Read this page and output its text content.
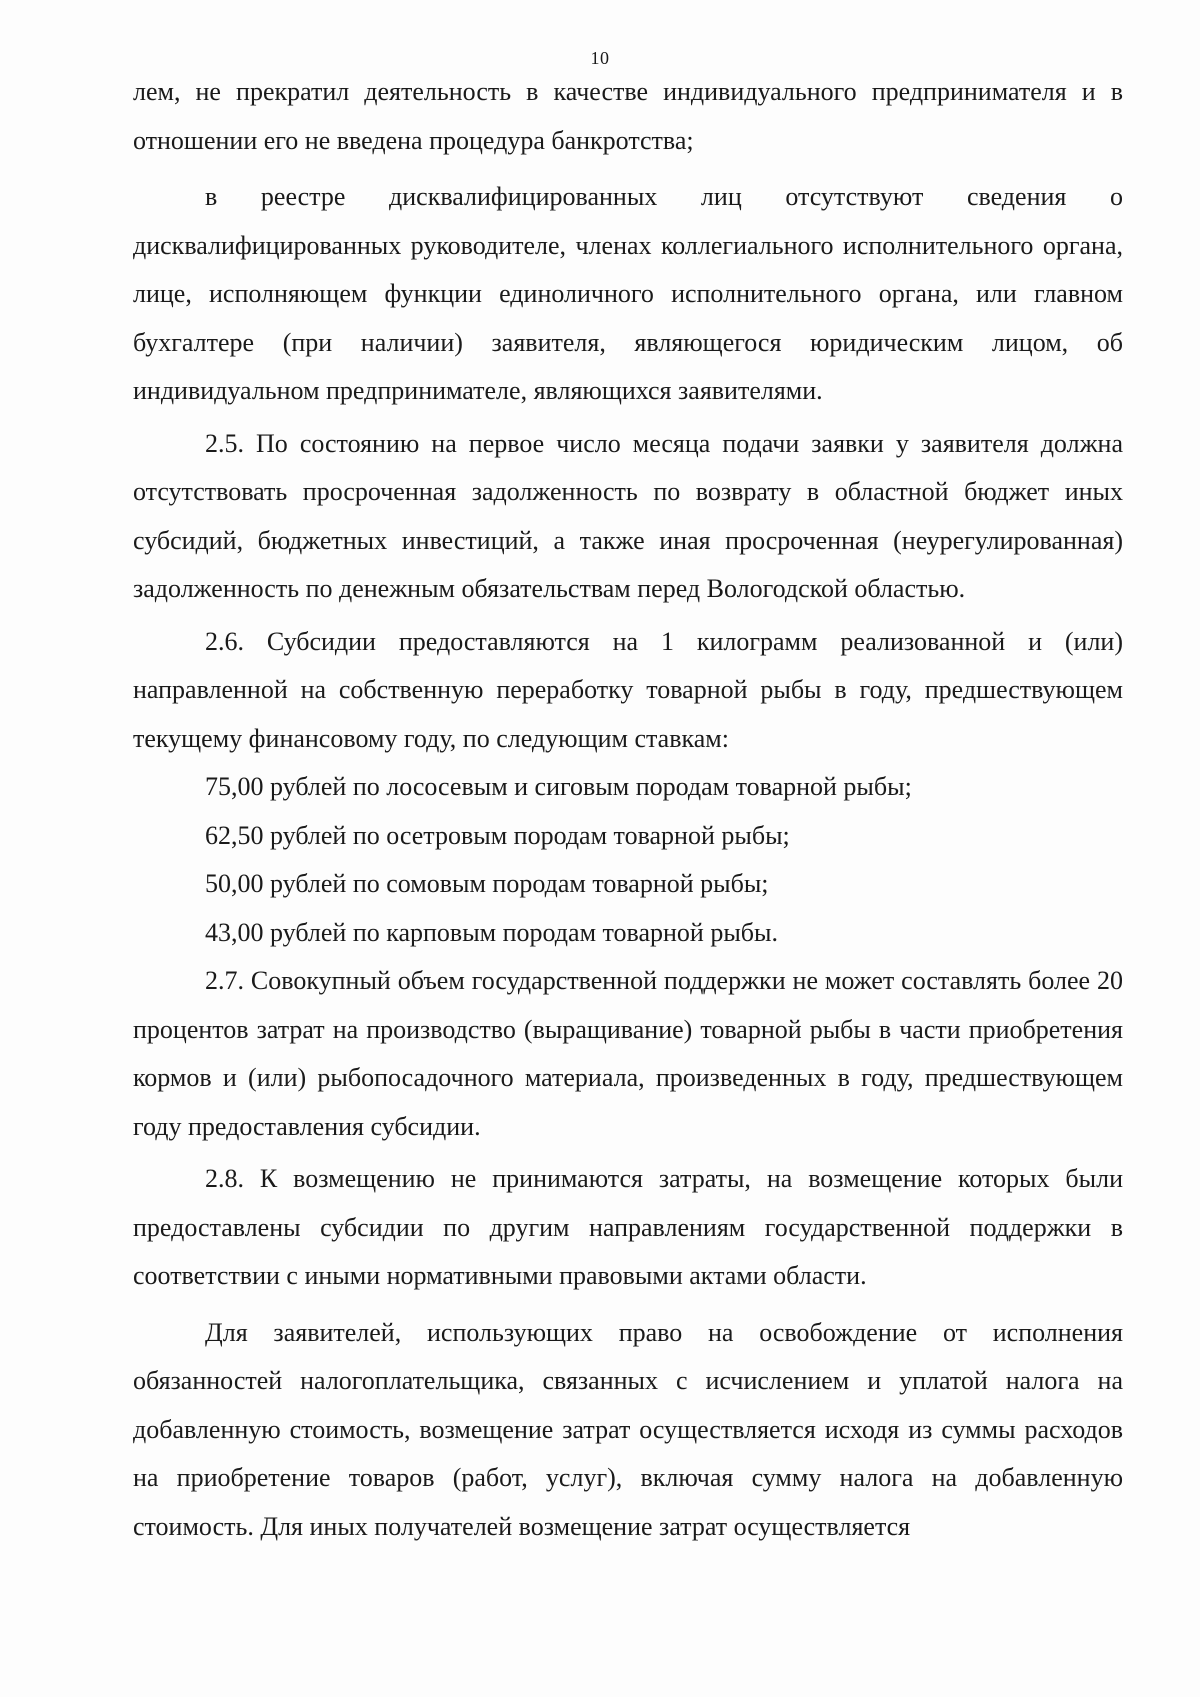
10

лем, не прекратил деятельность в качестве индивидуального предпринимателя и в отношении его не введена процедура банкротства;

в реестре дисквалифицированных лиц отсутствуют сведения о дисквалифицированных руководителе, членах коллегиального исполнительного органа, лице, исполняющем функции единоличного исполнительного органа, или главном бухгалтере (при наличии) заявителя, являющегося юридическим лицом, об индивидуальном предпринимателе, являющихся заявителями.

2.5. По состоянию на первое число месяца подачи заявки у заявителя должна отсутствовать просроченная задолженность по возврату в областной бюджет иных субсидий, бюджетных инвестиций, а также иная просроченная (неурегулированная) задолженность по денежным обязательствам перед Вологодской областью.

2.6. Субсидии предоставляются на 1 килограмм реализованной и (или) направленной на собственную переработку товарной рыбы в году, предшествующем текущему финансовому году, по следующим ставкам:

75,00 рублей по лососевым и сиговым породам товарной рыбы;

62,50 рублей по осетровым породам товарной рыбы;

50,00 рублей по сомовым породам товарной рыбы;

43,00 рублей по карповым породам товарной рыбы.

2.7. Совокупный объем государственной поддержки не может составлять более 20 процентов затрат на производство (выращивание) товарной рыбы в части приобретения кормов и (или) рыбопосадочного материала, произведенных в году, предшествующем году предоставления субсидии.

2.8. К возмещению не принимаются затраты, на возмещение которых были предоставлены субсидии по другим направлениям государственной поддержки в соответствии с иными нормативными правовыми актами области.

Для заявителей, использующих право на освобождение от исполнения обязанностей налогоплательщика, связанных с исчислением и уплатой налога на добавленную стоимость, возмещение затрат осуществляется исходя из суммы расходов на приобретение товаров (работ, услуг), включая сумму налога на добавленную стоимость. Для иных получателей возмещение затрат осуществляется
